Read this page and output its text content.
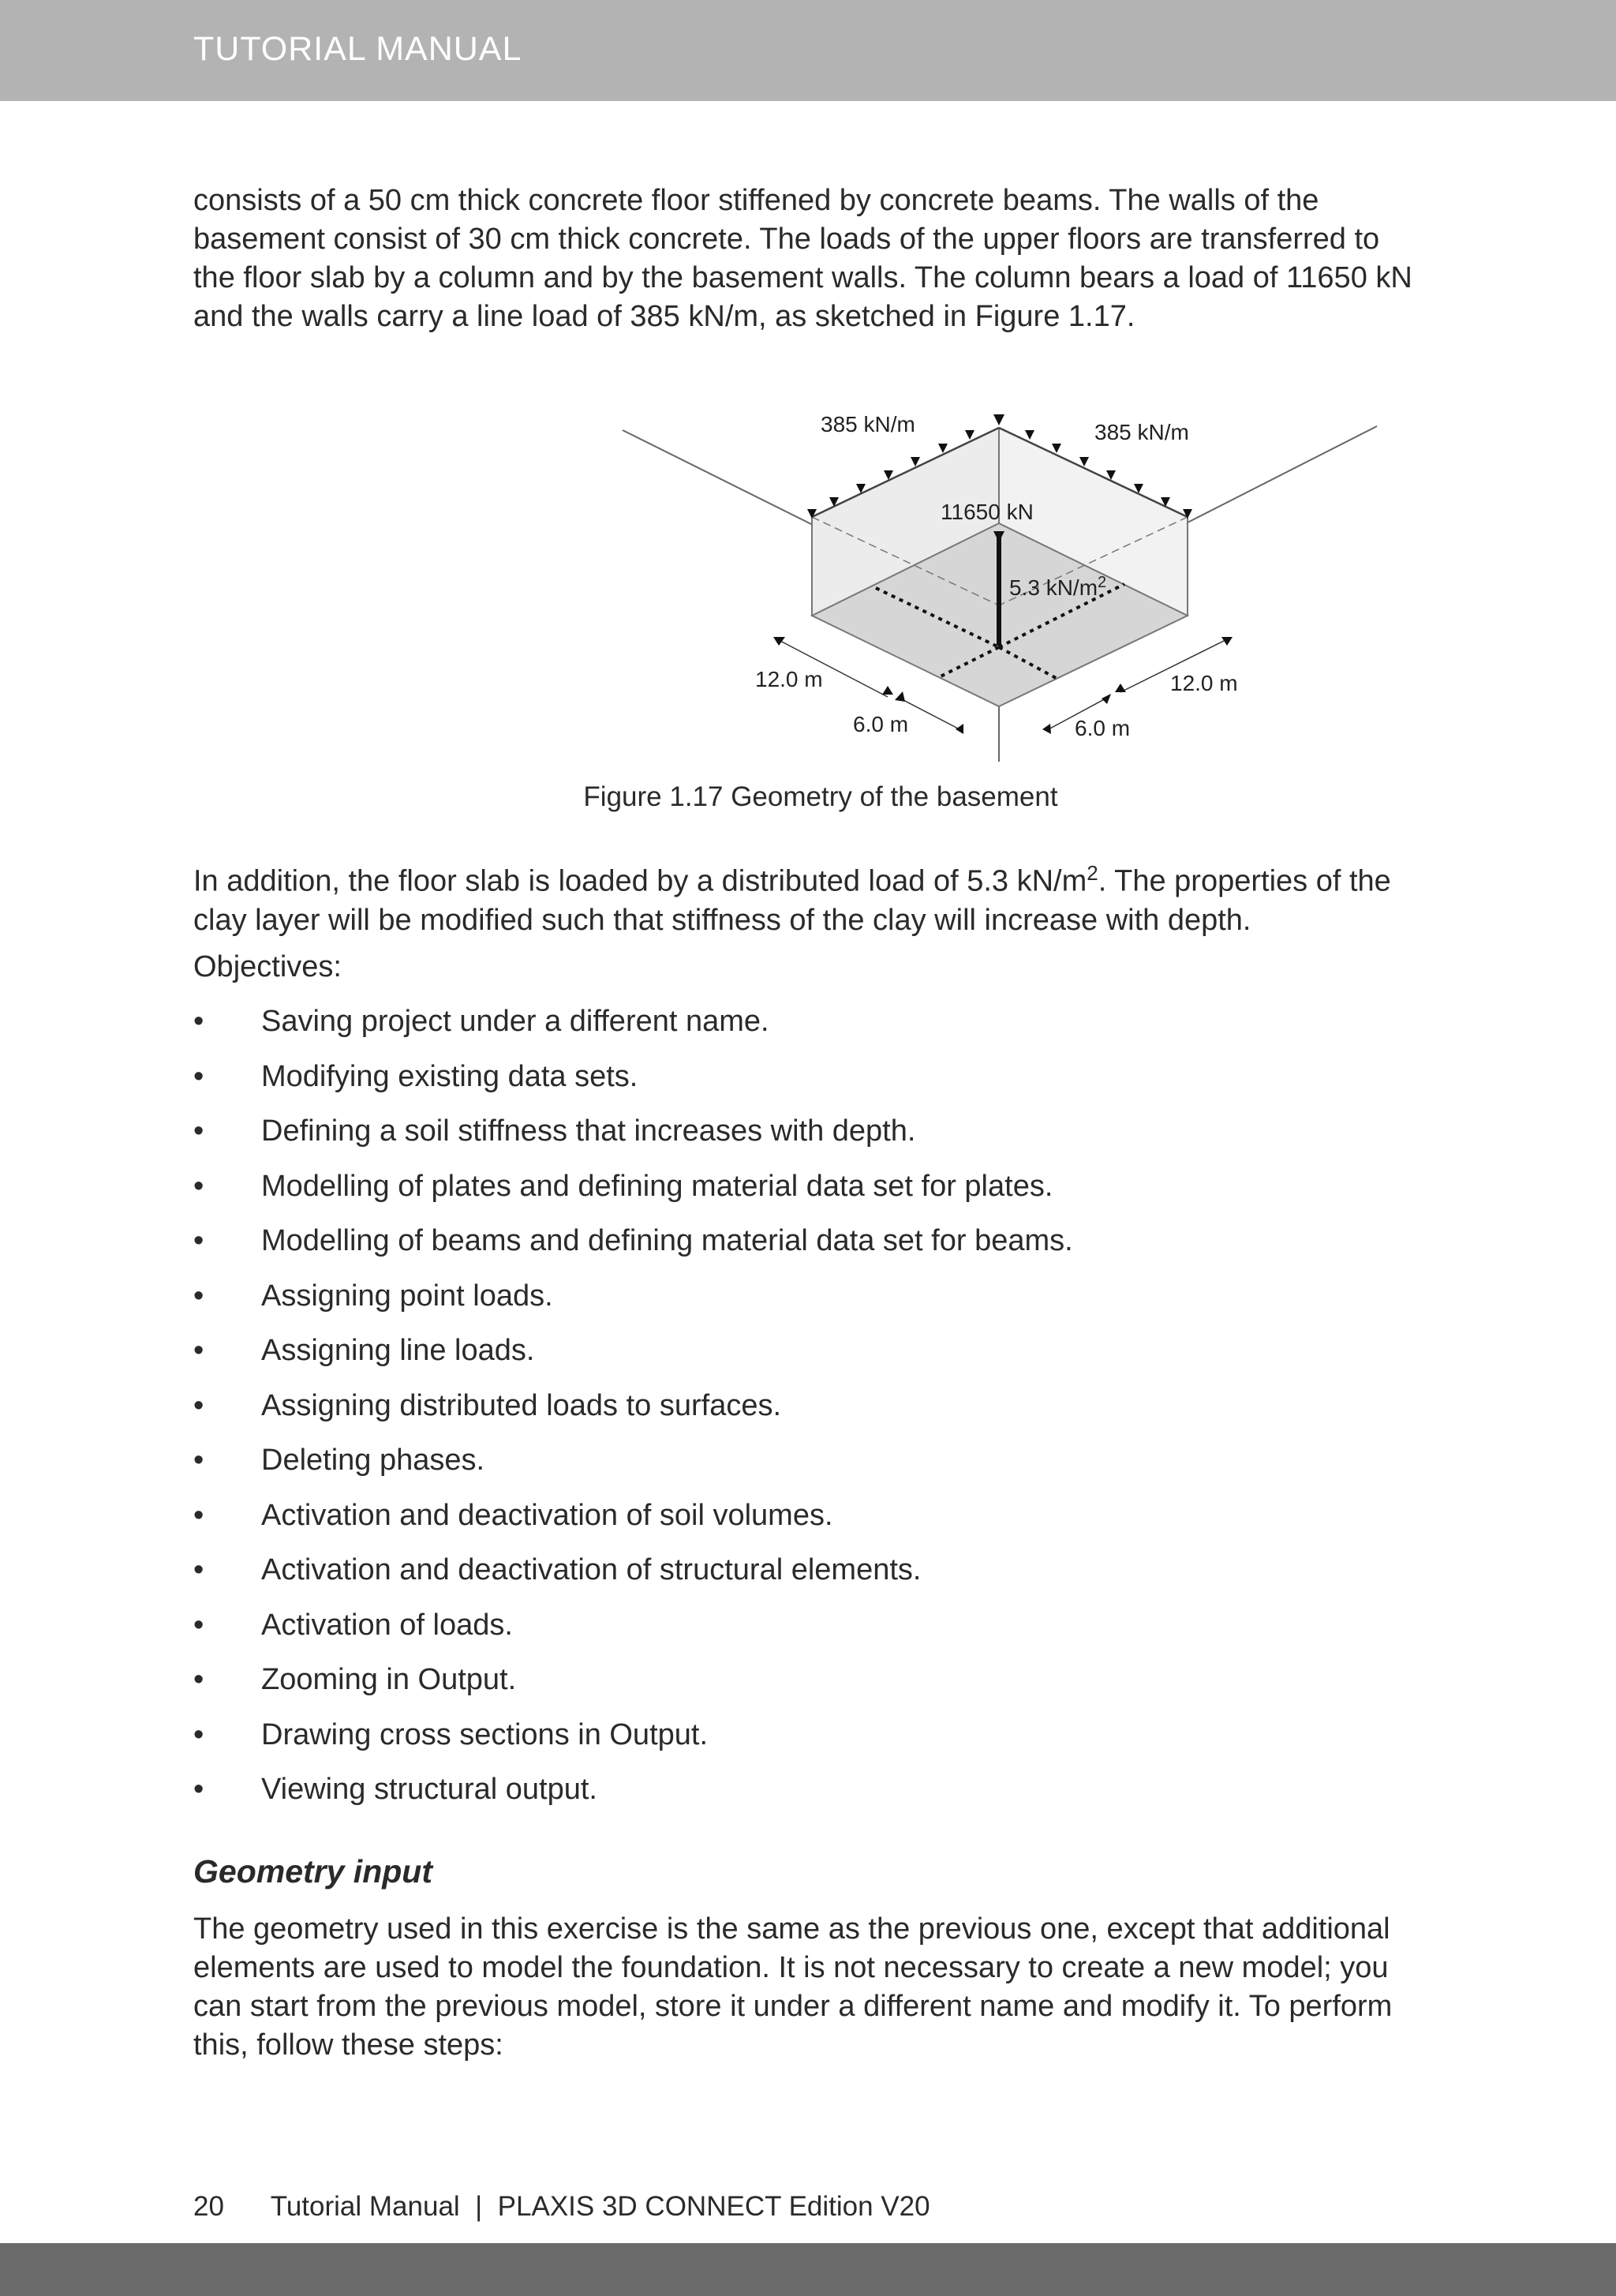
TUTORIAL MANUAL

consists of a 50 cm thick concrete floor stiffened by concrete beams. The walls of the basement consist of 30 cm thick concrete. The loads of the upper floors are transferred to the floor slab by a column and by the basement walls. The column bears a load of 11650 kN and the walls carry a line load of 385 kN/m, as sketched in Figure 1.17.

385 kN/m	385 kN/m
11650 kN
5.3 $kN/m^2$
12.0 m
6.0 m
12.0 m
6.0 m
Figure 1.17 Geometry of the basement

In addition, the floor slab is loaded by a distributed load of 5.3 $kN/m^2$. The properties of the clay layer will be modified such that stiffness of the clay will increase with depth.

Objectives:

• Saving project under a different name.
• Modifying existing data sets.
• Defining a soil stiffness that increases with depth.
• Modelling of plates and defining material data set for plates.
• Modelling of beams and defining material data set for beams.
• Assigning point loads.
• Assigning line loads.
• Assigning distributed loads to surfaces.
• Deleting phases.
• Activation and deactivation of soil volumes.
• Activation and deactivation of structural elements.
• Activation of loads.
• Zooming in Output.
• Drawing cross sections in Output.
• Viewing structural output.
Geometry input

The geometry used in this exercise is the same as the previous one, except that additional elements are used to model the foundation. It is not necessary to create a new model; you can start from the previous model, store it under a different name and modify it. To perform this, follow these steps:

20 Tutorial Manual  |  PLAXIS 3D CONNECT Edition V20
